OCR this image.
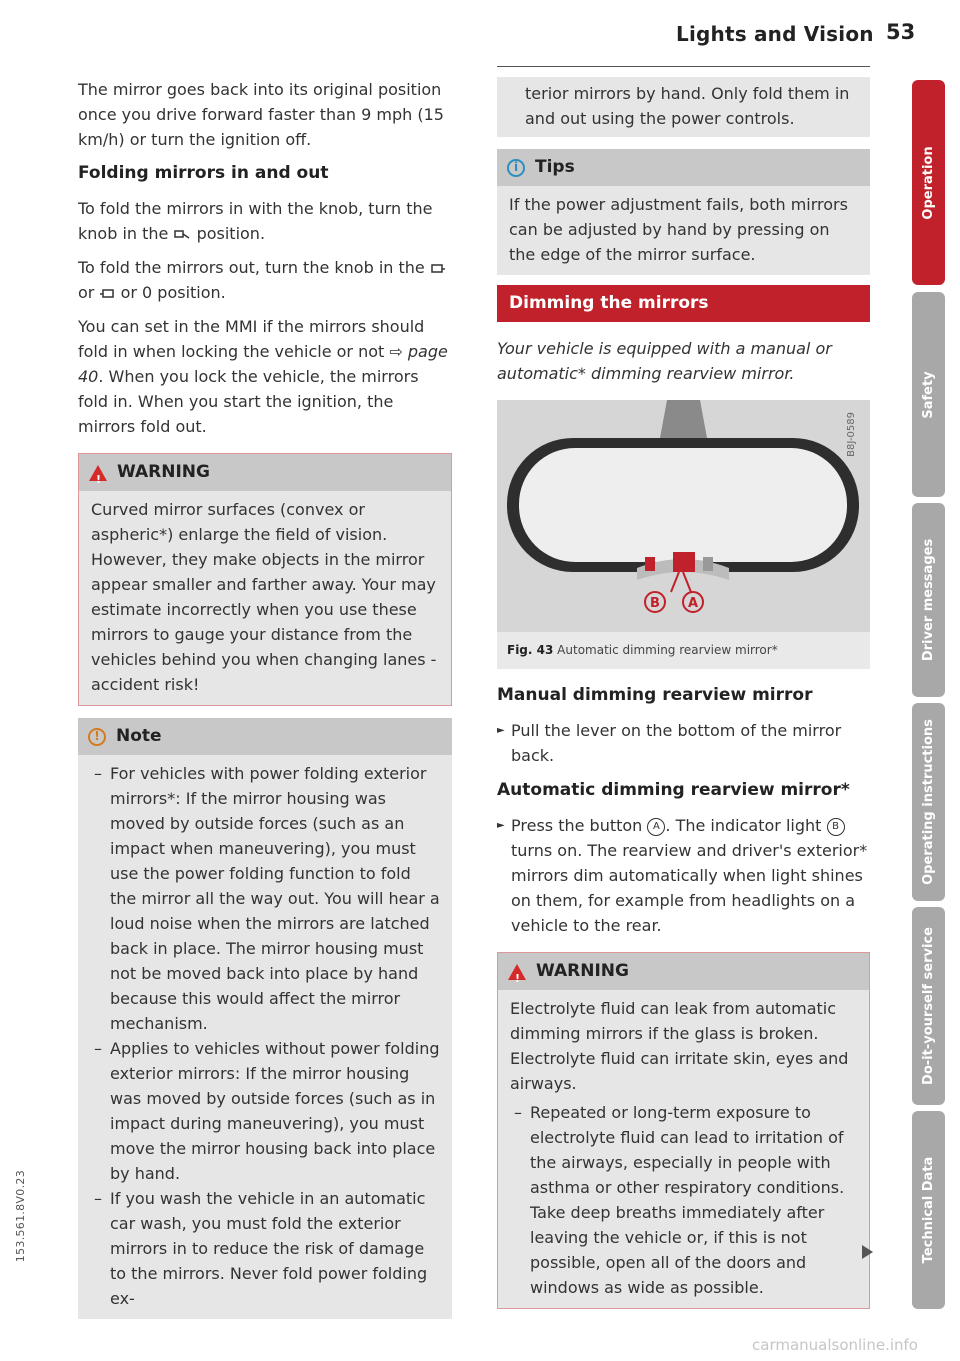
Lights and Vision 53

The mirror goes back into its original position once you drive forward faster than 9 mph (15 km/h) or turn the ignition off.

Folding mirrors in and out

To fold the mirrors in with the knob, turn the knob in the position.

To fold the mirrors out, turn the knob in the  or or 0 position.

You can set in the MMI if the mirrors should fold in when locking the vehicle or not ⇨ page 40. When you lock the vehicle, the mirrors fold in. When you start the ignition, the mirrors fold out.

!
WARNING
Curved mirror surfaces (convex or aspheric*) enlarge the field of vision. However, they make objects in the mirror appear smaller and farther away. Your may estimate incorrectly when you use these mirrors to gauge your distance from the vehicles behind you when changing lanes - accident risk!
! Note
– For vehicles with power folding exterior mirrors*: If the mirror housing was moved by outside forces (such as an impact when maneuvering), you must use the power folding function to fold the mirror all the way out. You will hear a loud noise when the mirrors are latched back in place. The mirror housing must not be moved back into place by hand because this would affect the mirror mechanism.
– Applies to vehicles without power folding exterior mirrors: If the mirror housing was moved by outside forces (such as in impact during maneuvering), you must move the mirror housing back into place by hand.
– If you wash the vehicle in an automatic car wash, you must fold the exterior mirrors in to reduce the risk of damage to the mirrors. Never fold power folding ex-
terior mirrors by hand. Only fold them in and out using the power controls.
i Tips
If the power adjustment fails, both mirrors can be adjusted by hand by pressing on the edge of the mirror surface.
Dimming the mirrors

Your vehicle is equipped with a manual or automatic* dimming rearview mirror.

B A
B8J-0589
Fig. 43 Automatic dimming rearview mirror*
Manual dimming rearview mirror

► Pull the lever on the bottom of the mirror back.

Automatic dimming rearview mirror*

► Press the button A . The indicator light B turns on. The rearview and driver's exterior* mirrors dim automatically when light shines on them, for example from headlights on a vehicle to the rear.

!
WARNING

Electrolyte fluid can leak from automatic dimming mirrors if the glass is broken. Electrolyte fluid can irritate skin, eyes and airways.

– Repeated or long-term exposure to electrolyte fluid can lead to irritation of the airways, especially in people with asthma or other respiratory conditions. Take deep breaths immediately after leaving the vehicle or, if this is not possible, open all of the doors and windows as wide as possible.
153.561.8V0.23
Operation
Safety
Driver messages
Operating instructions
Do-it-yourself service
Technical Data
carmanualsonline.info
